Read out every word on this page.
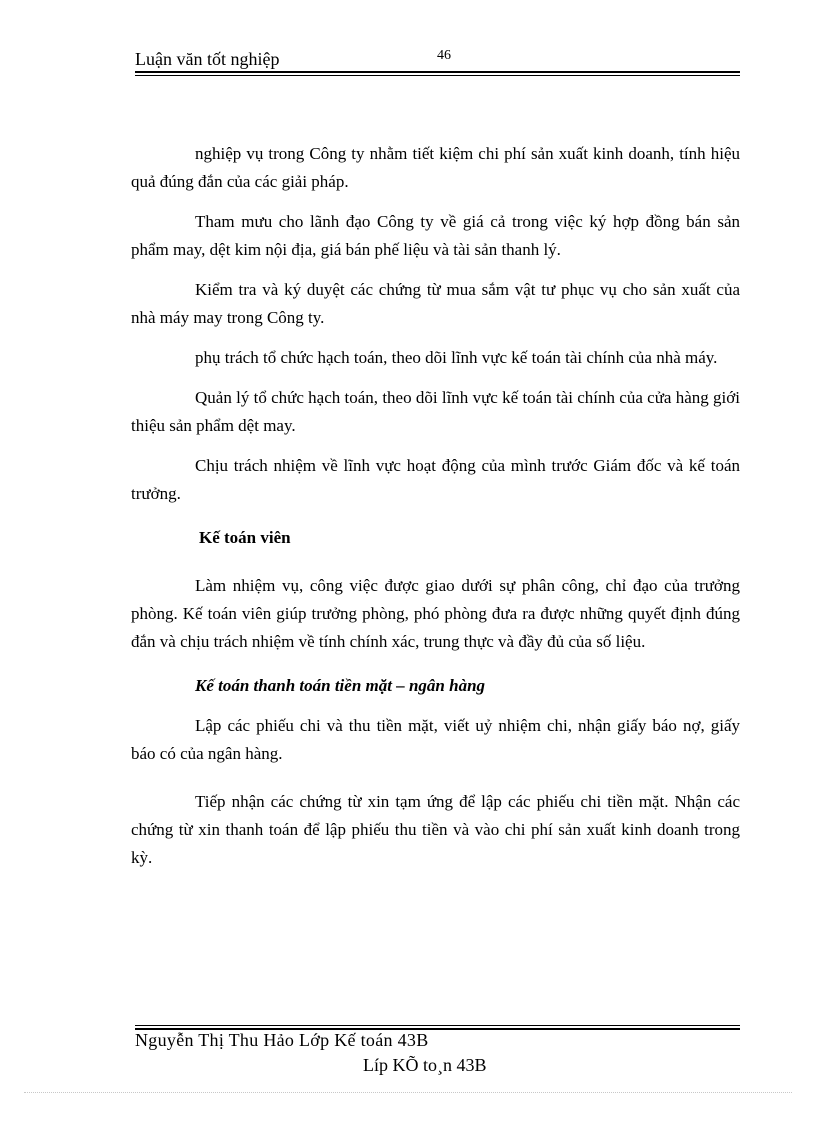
Luận văn tốt nghiệp	46

nghiệp vụ trong Công ty nhằm tiết kiệm chi phí sản xuất kinh doanh, tính hiệu quả đúng đắn của các giải pháp.

Tham mưu cho lãnh đạo Công ty về giá cả trong việc ký hợp đồng bán sản phẩm may, dệt kim nội địa, giá bán phế liệu và tài sản thanh lý.

Kiểm tra và ký duyệt các chứng từ mua sắm vật tư phục vụ cho sản xuất của nhà máy may trong Công ty.

phụ trách tổ chức hạch toán, theo dõi lĩnh vực kế toán tài chính của nhà máy.

Quản lý tổ chức hạch toán, theo dõi lĩnh vực kế toán tài chính của cửa hàng giới thiệu sản phẩm dệt may.

Chịu trách nhiệm về lĩnh vực hoạt động của mình trước Giám đốc và kế toán trưởng.

Kế toán viên

Làm nhiệm vụ, công việc được giao dưới sự phân công, chỉ đạo của trưởng phòng. Kế toán viên giúp trưởng phòng, phó phòng đưa ra được những quyết định đúng đắn và chịu trách nhiệm về tính chính xác, trung thực và đầy đủ của số liệu.

Kế toán thanh toán tiền mặt – ngân hàng

Lập các phiếu chi và thu tiền mặt, viết uỷ nhiệm chi, nhận giấy báo nợ, giấy báo có của ngân hàng.

Tiếp nhận các chứng từ xin tạm ứng để lập các phiếu chi tiền mặt. Nhận các chứng từ xin thanh toán để lập phiếu thu tiền và vào chi phí sản xuất kinh doanh trong kỳ.

Nguyễn Thị Thu Hảo Lớp Kế toán 43B
Líp KÕ to¸n 43B
